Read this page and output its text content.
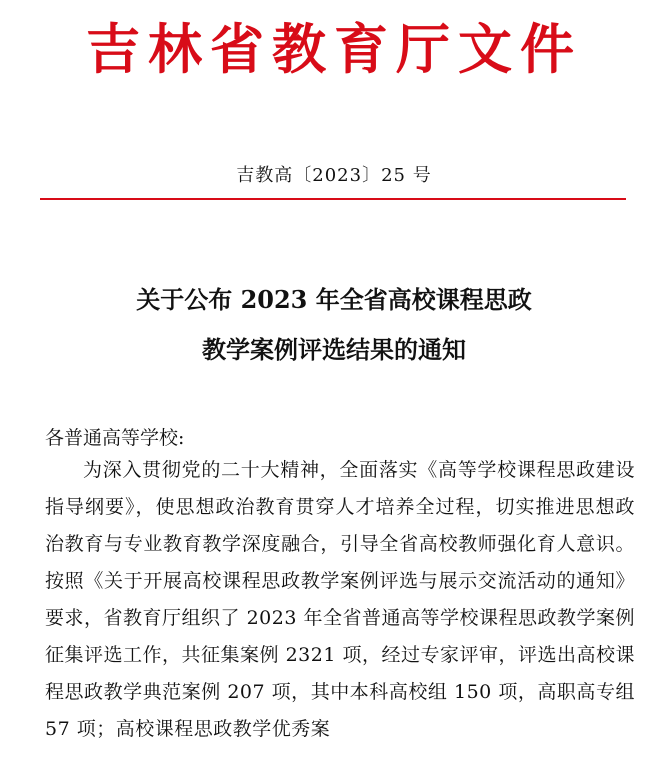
吉林省教育厅文件
吉教高〔2023〕25 号
关于公布 2023 年全省高校课程思政
教学案例评选结果的通知
各普通高等学校:
为深入贯彻党的二十大精神，全面落实《高等学校课程思政建设指导纲要》，使思想政治教育贯穿人才培养全过程，切实推进思想政治教育与专业教育教学深度融合，引导全省高校教师强化育人意识。按照《关于开展高校课程思政教学案例评选与展示交流活动的通知》要求，省教育厅组织了 2023 年全省普通高等学校课程思政教学案例征集评选工作，共征集案例 2321 项，经过专家评审，评选出高校课程思政教学典范案例 207 项，其中本科高校组 150 项，高职高专组 57 项；高校课程思政教学优秀案
